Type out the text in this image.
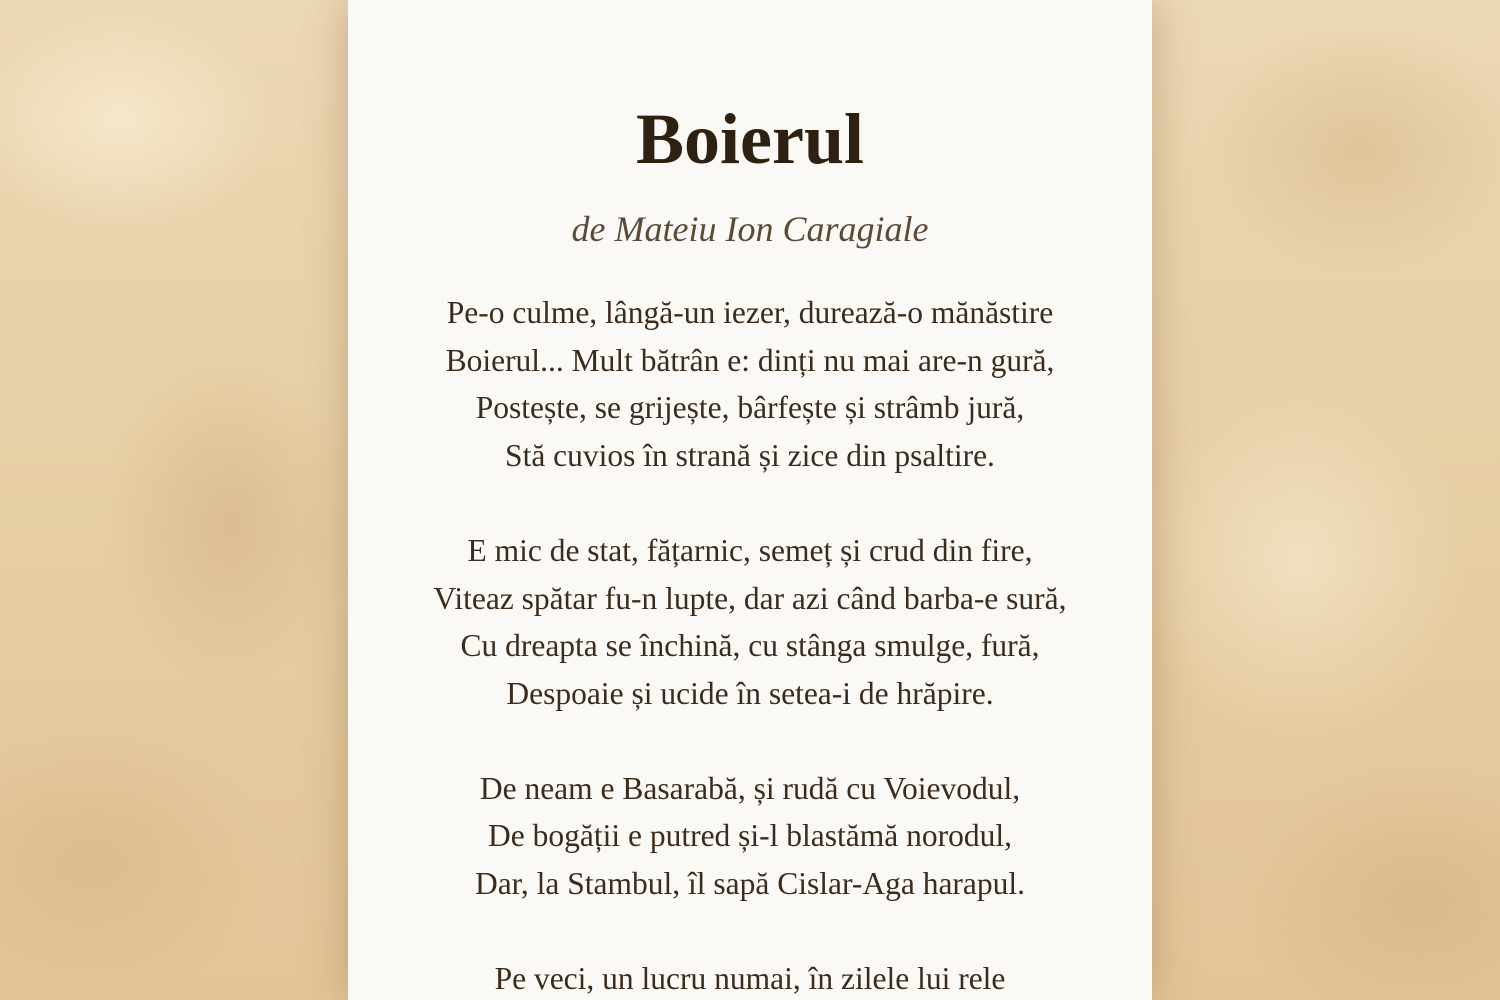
Boierul

de Mateiu Ion Caragiale

Pe-o culme, lângă-un iezer, durează-o mănăstire
Boierul... Mult bătrân e: dinți nu mai are-n gură,
Postește, se grijește, bârfește și strâmb jură,
Stă cuvios în strană și zice din psaltire.
E mic de stat, fățarnic, semeț și crud din fire,
Viteaz spătar fu-n lupte, dar azi când barba-e sură,
Cu dreapta se închină, cu stânga smulge, fură,
Despoaie și ucide în setea-i de hrăpire.
De neam e Basarabă, și rudă cu Voievodul,
De bogății e putred și-l blastămă norodul,
Dar, la Stambul, îl sapă Cislar-Aga harapul.
Pe veci, un lucru numai, în zilele lui rele
